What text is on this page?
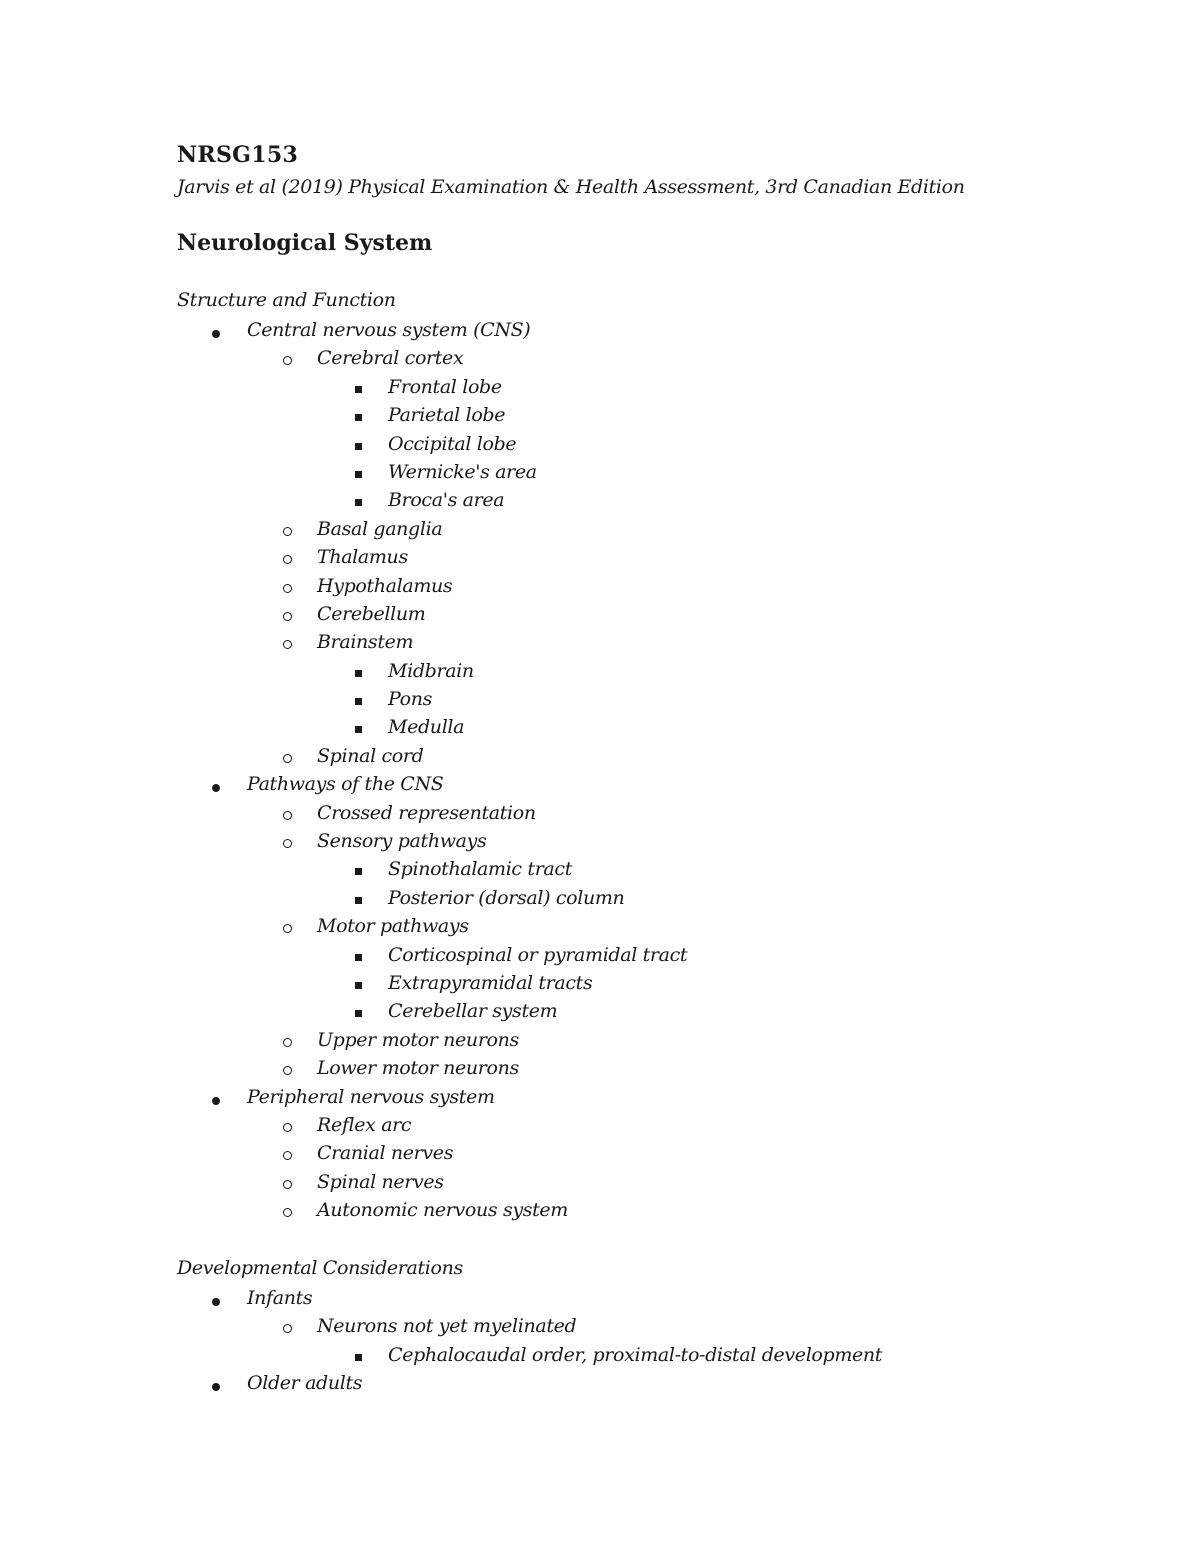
NRSG153

Jarvis et al (2019) Physical Examination & Health Assessment, 3rd Canadian Edition

Neurological System

Structure and Function

Central nervous system (CNS)
Cerebral cortex
Frontal lobe
Parietal lobe
Occipital lobe
Wernicke's area
Broca's area
Basal ganglia
Thalamus
Hypothalamus
Cerebellum
Brainstem
Midbrain
Pons
Medulla
Spinal cord
Pathways of the CNS
Crossed representation
Sensory pathways
Spinothalamic tract
Posterior (dorsal) column
Motor pathways
Corticospinal or pyramidal tract
Extrapyramidal tracts
Cerebellar system
Upper motor neurons
Lower motor neurons
Peripheral nervous system
Reflex arc
Cranial nerves
Spinal nerves
Autonomic nervous system

Developmental Considerations

Infants
Neurons not yet myelinated
Cephalocaudal order, proximal-to-distal development
Older adults
